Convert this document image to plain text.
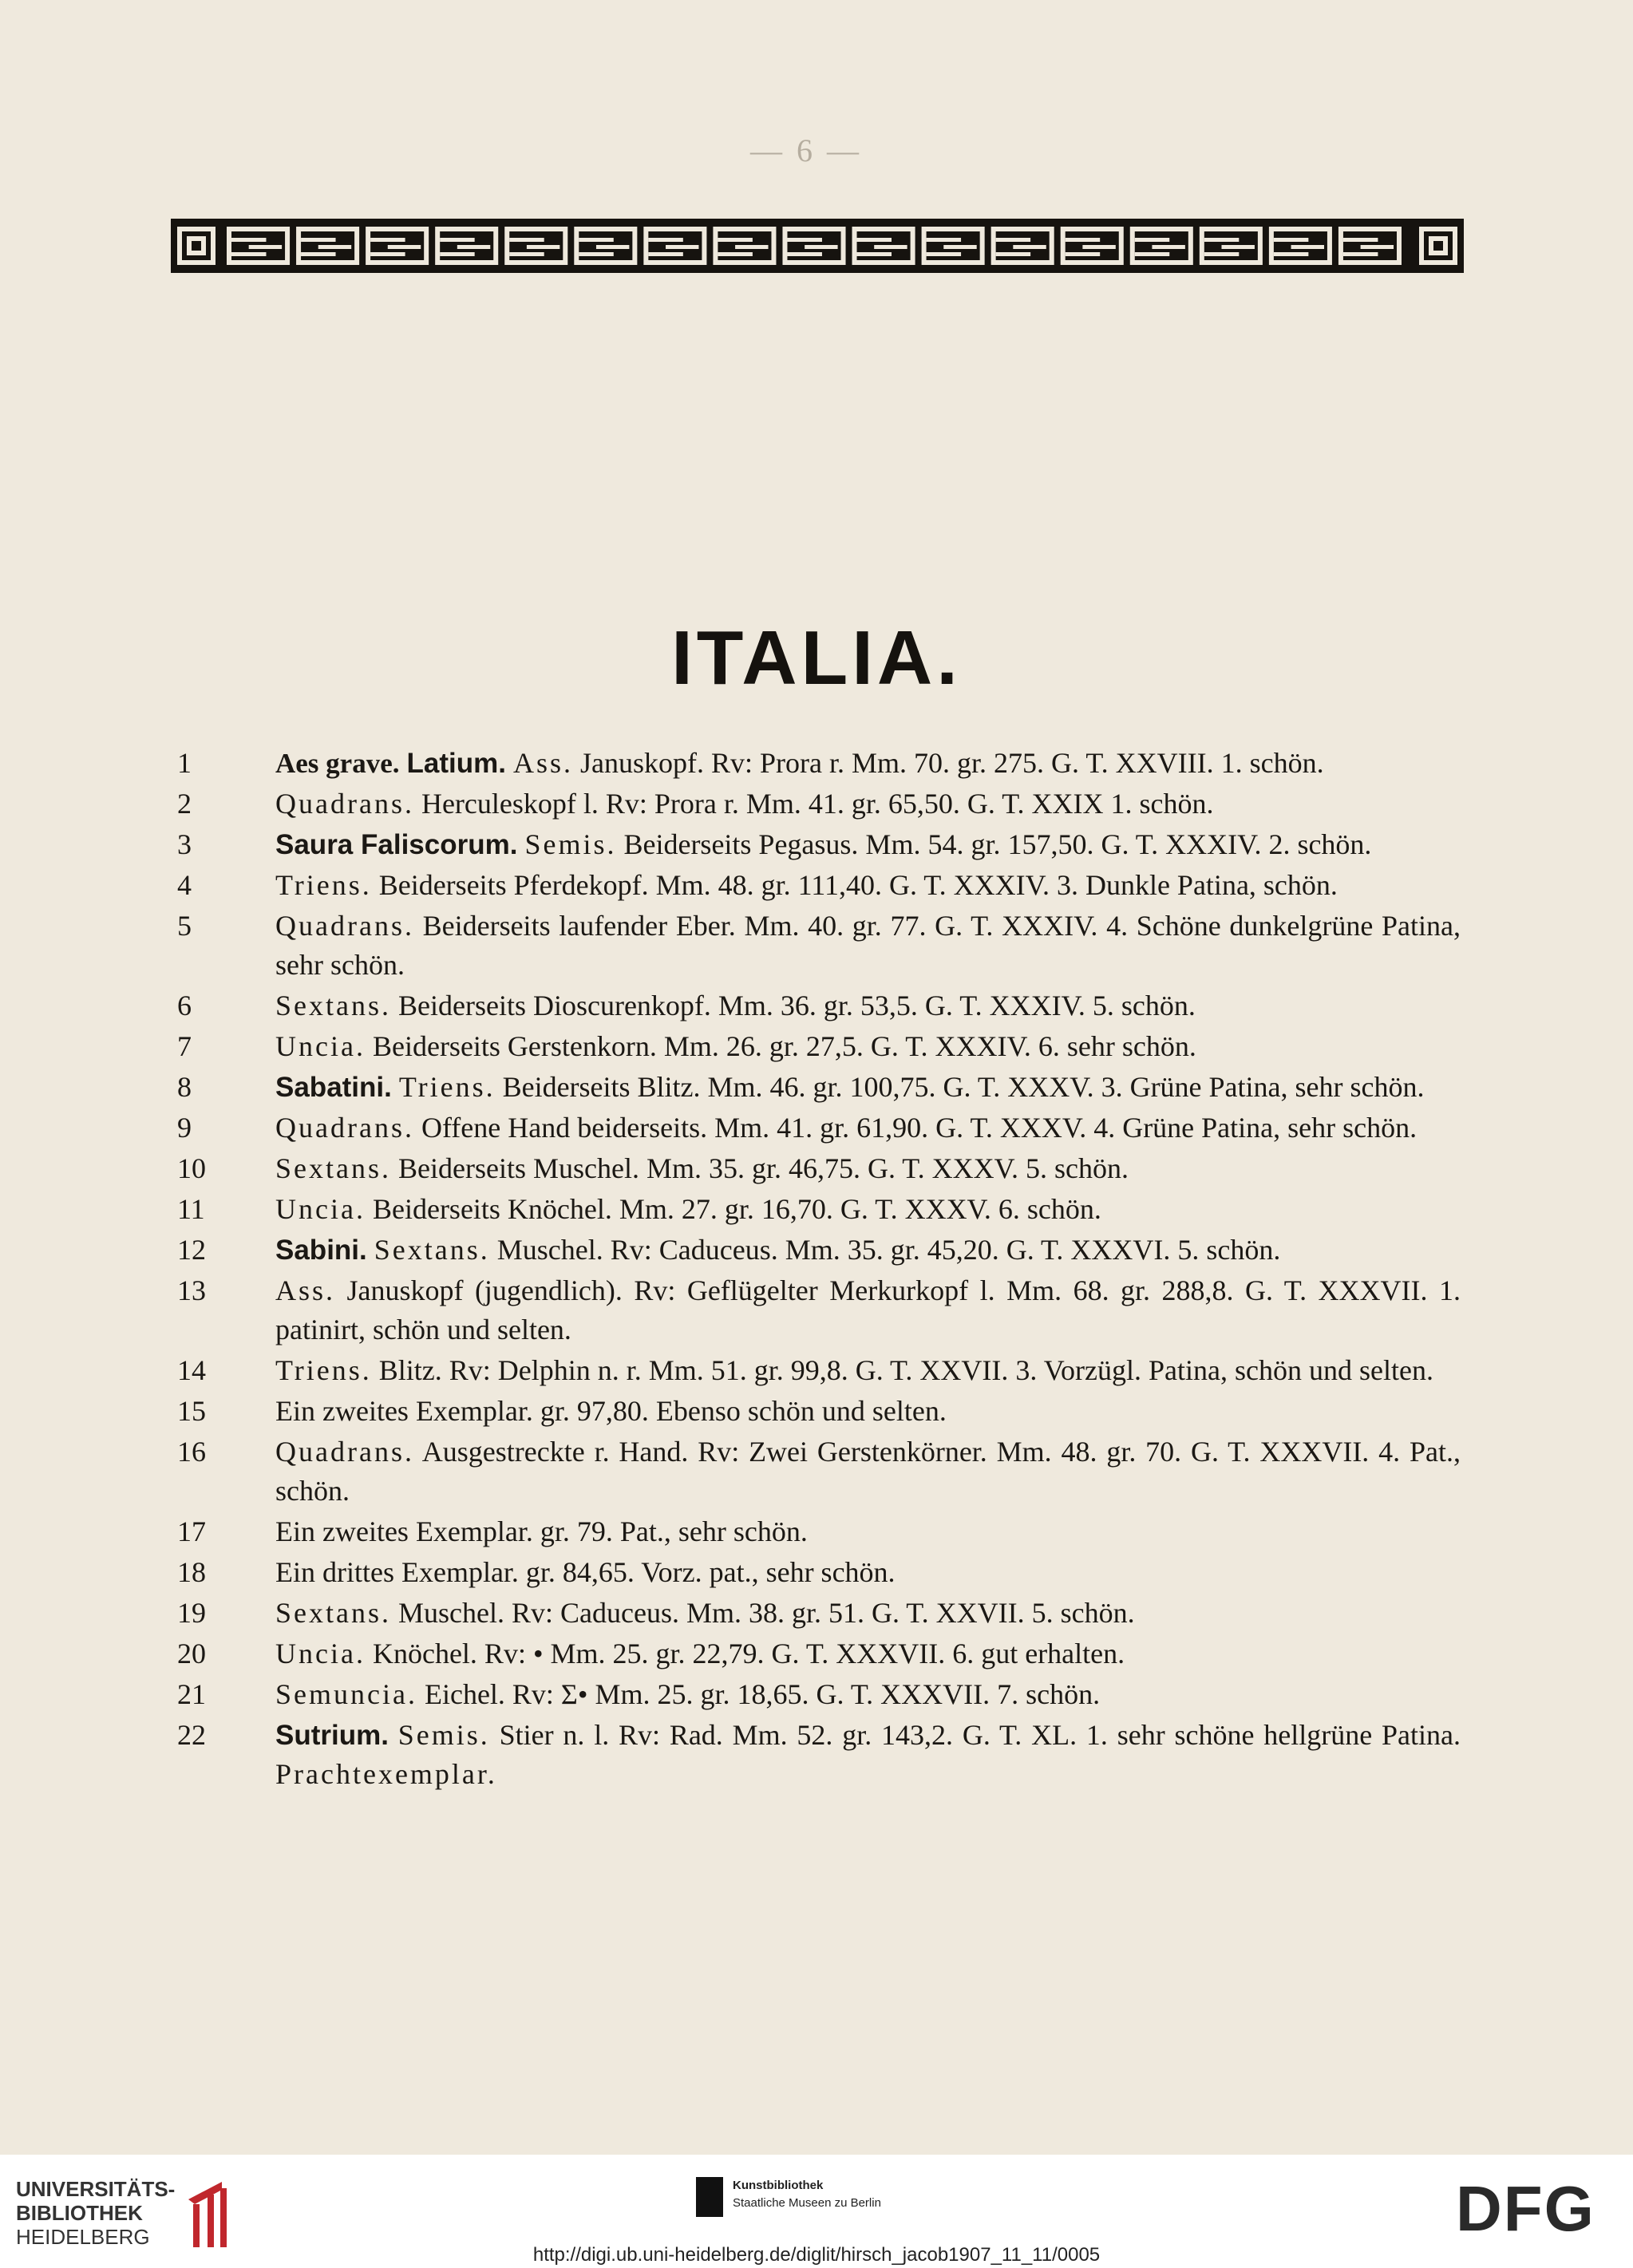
— 6 —
ITALIA.

1	Aes grave. Latium. Ass. Januskopf. Rv: Prora r. Mm. 70. gr. 275. G. T. XXVIII. 1. schön.

2	Quadrans. Herculeskopf l. Rv: Prora r. Mm. 41. gr. 65,50. G. T. XXIX 1. schön.

3	Saura Faliscorum. Semis. Beiderseits Pegasus. Mm. 54. gr. 157,50. G. T. XXXIV. 2. schön.

4	Triens. Beiderseits Pferdekopf. Mm. 48. gr. 111,40. G. T. XXXIV. 3. Dunkle Patina, schön.

5	Quadrans. Beiderseits laufender Eber. Mm. 40. gr. 77. G. T. XXXIV. 4. Schöne dunkelgrüne Patina, sehr schön.

6	Sextans. Beiderseits Dioscurenkopf. Mm. 36. gr. 53,5. G. T. XXXIV. 5. schön.

7	Uncia. Beiderseits Gerstenkorn. Mm. 26. gr. 27,5. G. T. XXXIV. 6. sehr schön.

8	Sabatini. Triens. Beiderseits Blitz. Mm. 46. gr. 100,75. G. T. XXXV. 3. Grüne Patina, sehr schön.

9	Quadrans. Offene Hand beiderseits. Mm. 41. gr. 61,90. G. T. XXXV. 4. Grüne Patina, sehr schön.

10	Sextans. Beiderseits Muschel. Mm. 35. gr. 46,75. G. T. XXXV. 5. schön.

11	Uncia. Beiderseits Knöchel. Mm. 27. gr. 16,70. G. T. XXXV. 6. schön.

12	Sabini. Sextans. Muschel. Rv: Caduceus. Mm. 35. gr. 45,20. G. T. XXXVI. 5. schön.

13	Ass. Januskopf (jugendlich). Rv: Geflügelter Merkurkopf l. Mm. 68. gr. 288,8. G. T. XXXVII. 1. patinirt, schön und selten.

14	Triens. Blitz. Rv: Delphin n. r. Mm. 51. gr. 99,8. G. T. XXVII. 3. Vorzügl. Patina, schön und selten.

15	Ein zweites Exemplar. gr. 97,80. Ebenso schön und selten.

16	Quadrans. Ausgestreckte r. Hand. Rv: Zwei Gerstenkörner. Mm. 48. gr. 70. G. T. XXXVII. 4. Pat., schön.

17	Ein zweites Exemplar. gr. 79. Pat., sehr schön.

18	Ein drittes Exemplar. gr. 84,65. Vorz. pat., sehr schön.

19	Sextans. Muschel. Rv: Caduceus. Mm. 38. gr. 51. G. T. XXVII. 5. schön.

20	Uncia. Knöchel. Rv: • Mm. 25. gr. 22,79. G. T. XXXVII. 6. gut erhalten.

21	Semuncia. Eichel. Rv: Σ• Mm. 25. gr. 18,65. G. T. XXXVII. 7. schön.

22	Sutrium. Semis. Stier n. l. Rv: Rad. Mm. 52. gr. 143,2. G. T. XL. 1. sehr schöne hellgrüne Patina. Prachtexemplar.

UNIVERSITÄTS-
BIBLIOTHEK
HEIDELBERG
Kunstbibliothek
Staatliche Museen zu Berlin	DFG
http://digi.ub.uni-heidelberg.de/diglit/hirsch_jacob1907_11_11/0005
